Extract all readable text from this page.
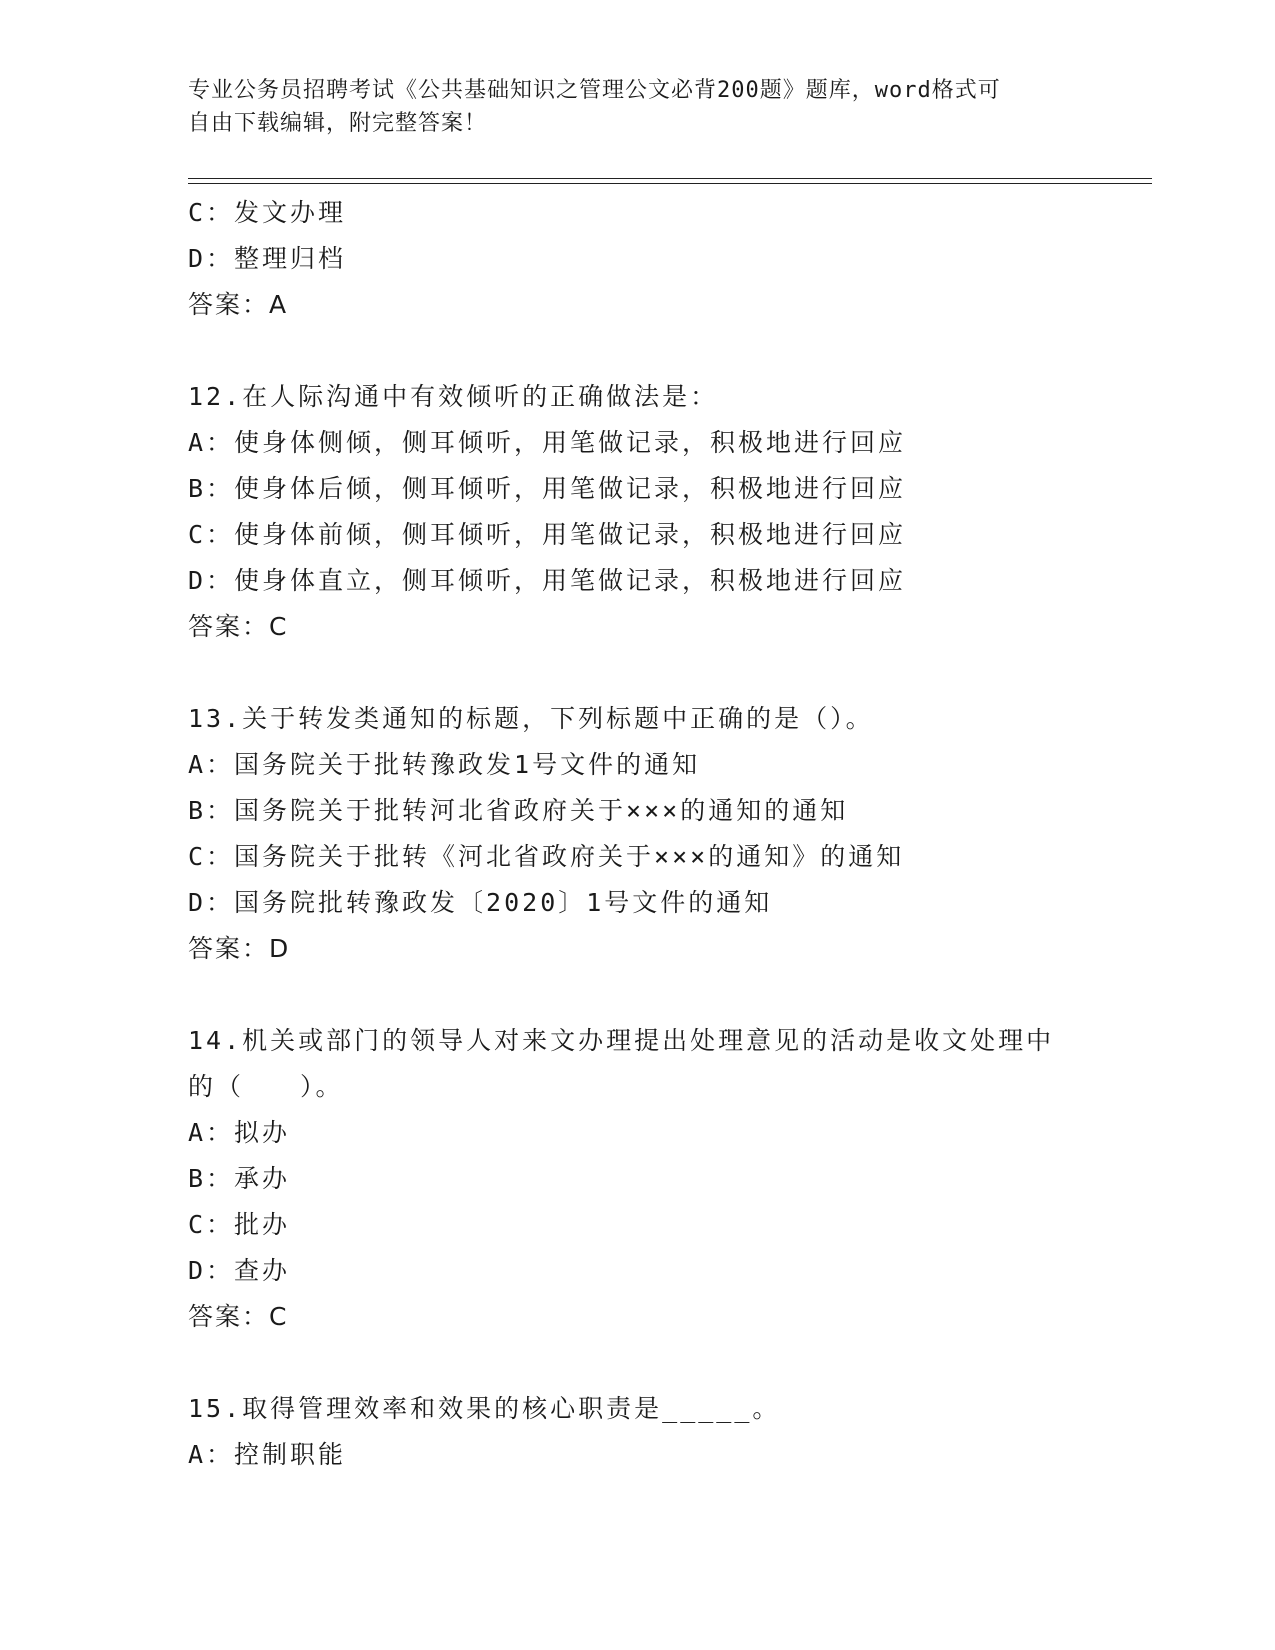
专业公务员招聘考试《公共基础知识之管理公文必背200题》题库，word格式可
自由下载编辑，附完整答案！
C：发文办理
D：整理归档
答案：A
12.在人际沟通中有效倾听的正确做法是：
A：使身体侧倾，侧耳倾听，用笔做记录，积极地进行回应
B：使身体后倾，侧耳倾听，用笔做记录，积极地进行回应
C：使身体前倾，侧耳倾听，用笔做记录，积极地进行回应
D：使身体直立，侧耳倾听，用笔做记录，积极地进行回应
答案：C
13.关于转发类通知的标题，下列标题中正确的是（）。
A：国务院关于批转豫政发1号文件的通知
B：国务院关于批转河北省政府关于×××的通知的通知
C：国务院关于批转《河北省政府关于×××的通知》的通知
D：国务院批转豫政发〔2020〕1号文件的通知
答案：D
14.机关或部门的领导人对来文办理提出处理意见的活动是收文处理中
的（　　）。
A：拟办
B：承办
C：批办
D：查办
答案：C
15.取得管理效率和效果的核心职责是_____。
A：控制职能
